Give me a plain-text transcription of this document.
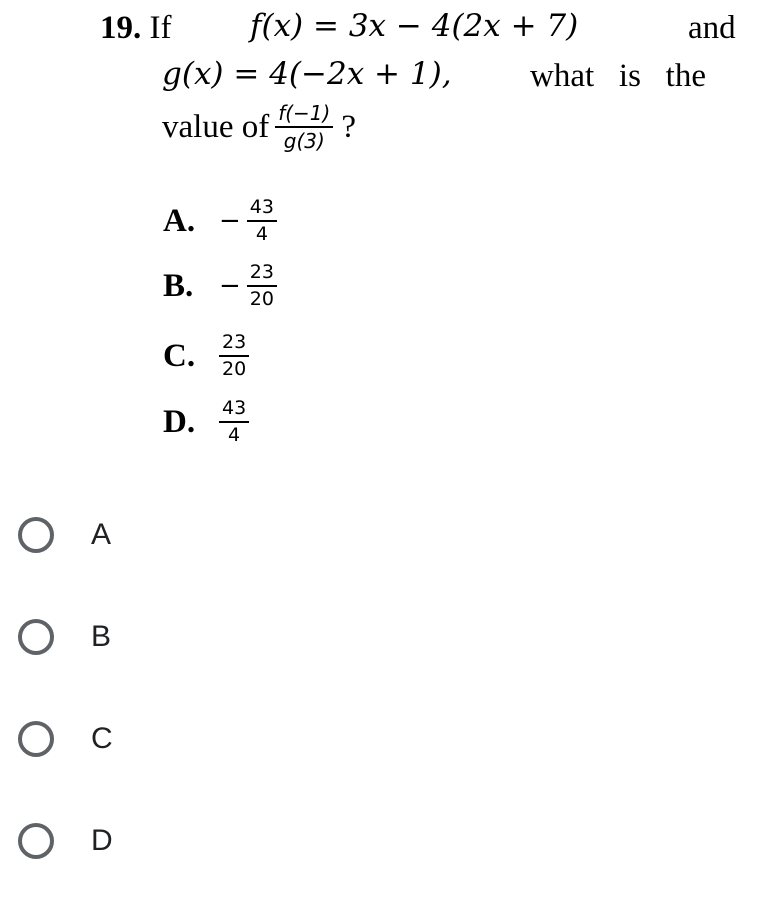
19. If	f(x) = 3x − 4(2x + 7)	and
g(x) = 4(−2x + 1), what   is   the
value of $\frac{f(-1)}{g(3)}$ ?
A. − $\frac{43}{4}$
B. − $\frac{23}{20}$
C.	$\frac{23}{20}$
D.	$\frac{43}{4}$
A
B
C
D
